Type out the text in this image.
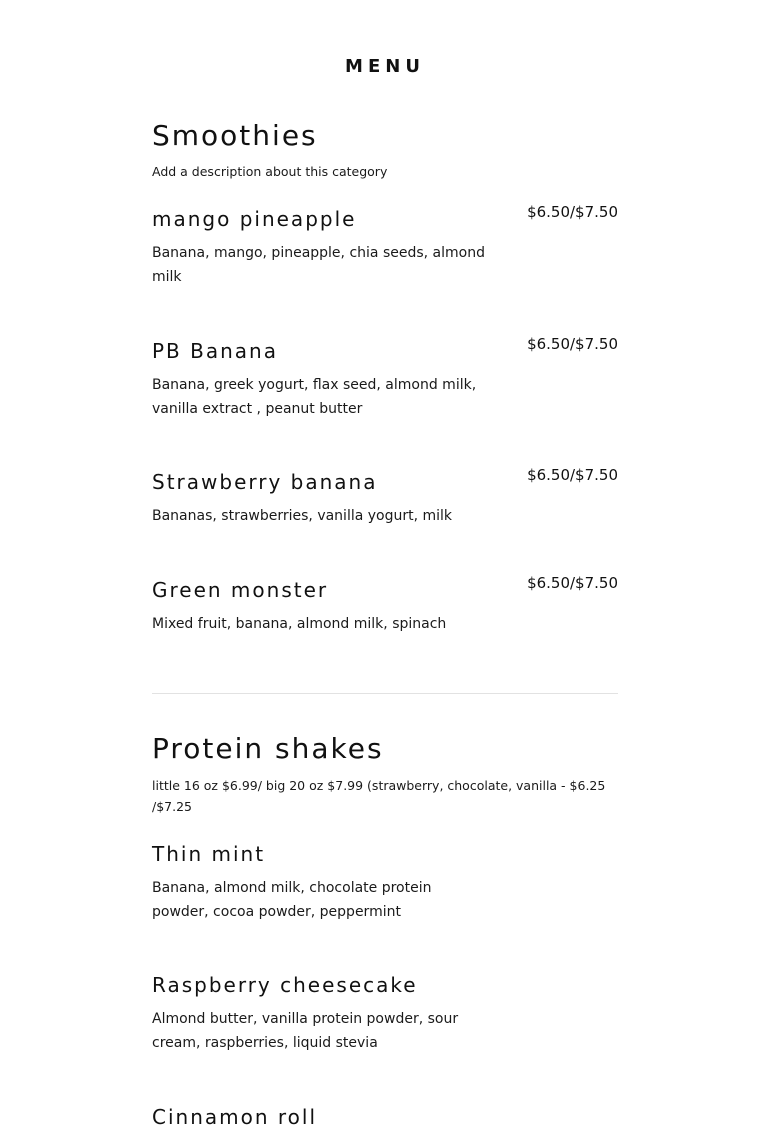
MENU
Smoothies

Add a description about this category

mango pineapple	$6.50/$7.50

Banana, mango, pineapple, chia seeds, almond milk

PB Banana	$6.50/$7.50

Banana, greek yogurt, flax seed, almond milk, vanilla extract , peanut butter

Strawberry banana	$6.50/$7.50

Bananas, strawberries, vanilla yogurt, milk

Green monster	$6.50/$7.50

Mixed fruit, banana, almond milk, spinach

Protein shakes

little 16 oz $6.99/ big 20 oz $7.99 (strawberry, chocolate, vanilla - $6.25 /$7.25

Thin mint

Banana, almond milk, chocolate protein powder, cocoa powder, peppermint

Raspberry cheesecake

Almond butter, vanilla protein powder, sour cream, raspberries, liquid stevia

Cinnamon roll
